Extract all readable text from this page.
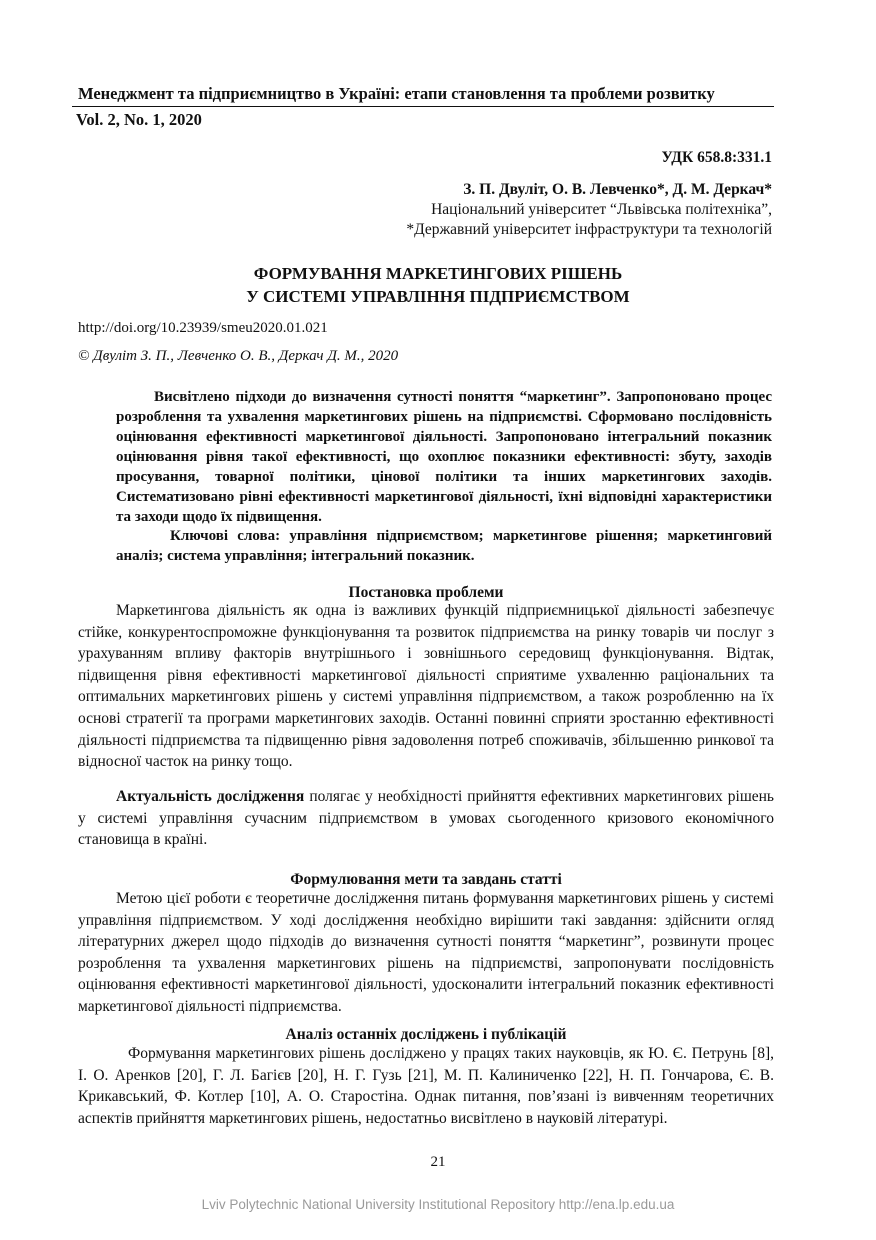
Менеджмент та підприємництво в Україні: етапи становлення та проблеми розвитку
Vol. 2, No. 1, 2020
УДК 658.8:331.1
З. П. Двуліт, О. В. Левченко*, Д. М. Деркач*
Національний університет “Львівська політехніка”,
*Державний університет інфраструктури та технологій
ФОРМУВАННЯ МАРКЕТИНГОВИХ РІШЕНЬ
У СИСТЕМІ УПРАВЛІННЯ ПІДПРИЄМСТВОМ
http://doi.org/10.23939/smeu2020.01.021
© Двуліт З. П., Левченко О. В., Деркач Д. М., 2020

Висвітлено підходи до визначення сутності поняття “маркетинг”. Запропоновано процес розроблення та ухвалення маркетингових рішень на підприємстві. Сформовано послідовність оцінювання ефективності маркетингової діяльності. Запропоновано інтегральний показник оцінювання рівня такої ефективності, що охоплює показники ефективності: збуту, заходів просування, товарної політики, цінової політики та інших маркетингових заходів. Систематизовано рівні ефективності маркетингової діяльності, їхні відповідні характеристики та заходи щодо їх підвищення.

Ключові слова: управління підприємством; маркетингове рішення; маркетинговий аналіз; система управління; інтегральний показник.

Постановка проблеми

Маркетингова діяльність як одна із важливих функцій підприємницької діяльності забезпечує стійке, конкурентоспроможне функціонування та розвиток підприємства на ринку товарів чи послуг з урахуванням впливу факторів внутрішнього і зовнішнього середовищ функціонування. Відтак, підвищення рівня ефективності маркетингової діяльності сприятиме ухваленню раціональних та оптимальних маркетингових рішень у системі управління підприємством, а також розробленню на їх основі стратегії та програми маркетингових заходів. Останні повинні сприяти зростанню ефективності діяльності підприємства та підвищенню рівня задоволення потреб споживачів, збільшенню ринкової та відносної часток на ринку тощо.

Актуальність дослідження полягає у необхідності прийняття ефективних маркетингових рішень у системі управління сучасним підприємством в умовах сьогоденного кризового економічного становища в країні.

Формулювання мети та завдань статті

Метою цієї роботи є теоретичне дослідження питань формування маркетингових рішень у системі управління підприємством. У ході дослідження необхідно вирішити такі завдання: здійснити огляд літературних джерел щодо підходів до визначення сутності поняття “маркетинг”, розвинути процес розроблення та ухвалення маркетингових рішень на підприємстві, запропонувати послідовність оцінювання ефективності маркетингової діяльності, удосконалити інтегральний показник ефективності маркетингової діяльності підприємства.

Аналіз останніх досліджень і публікацій

Формування маркетингових рішень досліджено у працях таких науковців, як Ю. Є. Петрунь [8], І. О. Аренков [20], Г. Л. Багієв [20], Н. Г. Гузь [21], М. П. Калиниченко [22], Н. П. Гончарова, Є. В. Крикавський, Ф. Котлер [10], А. О. Старостіна. Однак питання, пов’язані із вивченням теоретичних аспектів прийняття маркетингових рішень, недостатньо висвітлено в науковій літературі.

21
Lviv Polytechnic National University Institutional Repository http://ena.lp.edu.ua
